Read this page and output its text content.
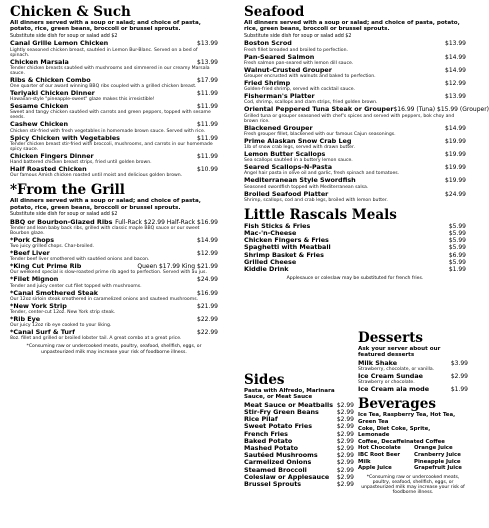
Chicken & Such

All dinners served with a soup or salad; and choice of pasta, potato, rice, green beans, broccoli or brussel sprouts.

Substitute side dish for soup or salad add $2

Canal Grille Lemon Chicken	$13.99
Lightly seasoned chicken breast, sautéed in Lemon Bur-Blanc. Served on a bed of spinach.
Chicken Marsala	$13.99
Tender chicken breasts sautéed with mushrooms and simmered in our creamy Marsala sauce.
Ribs & Chicken Combo	$17.99
One quarter of our award winning BBQ ribs coupled with a grilled chicken breast.
Teriyaki Chicken Dinner	$11.99
Hawaiian-style "pineapple-sweet" glaze makes this irresistible!
Sesame Chicken	$11.99
Sweet and tangy chicken sautéed with carrots and green peppers, topped with sesame seeds.
Cashew Chicken	$11.99
Chicken stir-fried with fresh vegetables in homemade brown sauce. Served with rice.
Spicy Chicken with Vegetables	$11.99
Tender chicken breast stir-fried with broccoli, mushrooms, and carrots in our homemade spicy sauce.
Chicken Fingers Dinner	$11.99
Hand battered chicken breast strips, fried until golden brown.
Half Roasted Chicken	$10.99
Our famous Amish chicken roasted until moist and delicious golden brown.
*From the Grill

All dinners served with a soup or salad; and choice of pasta, potato, rice, green beans, broccoli or brussel sprouts.

Substitute side dish for soup or salad add $2

BBQ or Bourbon-Glazed Ribs Full-Rack $22.99 Half-Rack $16.99
Tender and lean baby back ribs, grilled with classic maple BBQ sauce or our sweet Bourbon glaze.
*Pork Chops	$14.99
Two juicy grilled chops. Char-broiled.
*Beef Liver	$12.99
Tender beef liver smothered with sautéed onions and bacon.
*King Cut Prime Rib	Queen $17.99 King $21.99
Our weekend special is slow-roasted prime rib aged to perfection. Served with au jus.
*Filet Mignon	$24.99
Tender and juicy center cut filet topped with mushrooms.
*Canal Smothered Steak	$16.99
Our 12oz sirloin steak smothered in caramelized onions and sauteed mushrooms.
*New York Strip	$21.99
Tender, center-cut 12oz. New York strip steak.
*Rib Eye	$22.99
Our juicy 12oz rib eye cooked to your liking.
*Canal Surf & Turf	$22.99
8oz. fillet and grilled or broiled lobster tail. A great combo at a great price.
*Consuming raw or undercooked meats, poultry, seafood, shellfish, eggs, or unpasteurized milk may increase your risk of foodborne illness.
Seafood

All dinners served with a soup or salad; and choice of pasta, potato, rice, green beans, broccoli or brussel sprouts.

Substitute side dish for soup or salad add $2

Boston Scrod	$13.99
Fresh fillet breaded and broiled to perfection.
Pan-Seared Salmon	$14.99
Fresh salmon pan-seared with lemon dill sauce.
Walnut-Crusted Grouper	$14.99
Grouper encrusted with walnuts and baked to perfection.
Fried Shrimp	$12.99
Golden-fried shrimp, served with cocktail sauce.
Fisherman's Platter	$13.99
Cod, shrimp, scallops and clam strips, fried golden brown.
Oriental Peppered Tuna Steak or Grouper $16.99 (Tuna) $15.99 (Grouper)
Grilled tuna or grouper seasoned with chef's spices and served with peppers, bok choy and brown rice.
Blackened Grouper	$14.99
Fresh grouper fillet, blackened with our famous Cajun seasonings.
Prime Alaskan Snow Crab Leg	$19.99
1lb of snow crab legs, served with drawn butter.
Lemon Butter Scallops	$19.99
Sea scallops sautéed in a buttery lemon sauce.
Seared Scallops-N-Pasta	$19.99
Angel hair pasta in olive oil and garlic, fresh spinach and tomatoes.
Mediterranean Style Swordfish	$19.99
Seasoned swordfish topped with Mediterranean salsa.
Broiled Seafood Platter	$24.99
Shrimp, scallops, cod and crab legs, broiled with lemon butter.
Little Rascals Meals
Fish Sticks & Fries	$5.99
Mac-'n-Cheese	$5.99
Chicken Fingers & Fries	$5.99
Spaghetti with Meatball	$5.99
Shrimp Basket & Fries	$6.99
Grilled Cheese	$5.99
Kiddie Drink	$1.99
Applesauce or coleslaw may be substituted for french fries.
Sides

Pasta with Alfredo, Marinara Sauce, or Meat Sauce

Meat Sauce or Meatballs $2.99
Stir-Fry Green Beans	$2.99
Rice Pilaf	$2.99
Sweet Potato Fries	$2.99
French Fries	$2.99
Baked Potato	$2.99
Mashed Potato	$2.99
Sautéed Mushrooms	$2.99
Carmelized Onions	$2.99
Steamed Broccoli	$2.99
Coleslaw or Applesauce $2.99
Brussel Sprouts	$2.99
Desserts

Ask your server about our featured desserts

Milk Shake	$3.99
Strawberry, chocolate, or vanilla.
Ice Cream Sundae	$2.99
Strawberry or chocolate.
Ice Cream ala mode	$1.99
Beverages
Ice Tea, Raspberry Tea, Hot Tea,
Green Tea
Coke, Diet Coke, Sprite,
Lemonade
Coffee, Decaffeinated Coffee
Hot Chocolate	Orange Juice
IBC Root Beer	Cranberry Juice
Milk	Pineapple Juice
Apple Juice	Grapefruit Juice
*Consuming raw or undercooked meats, poultry, seafood, shellfish, eggs, or unpasteurized milk may increase your risk of foodborne illness.
